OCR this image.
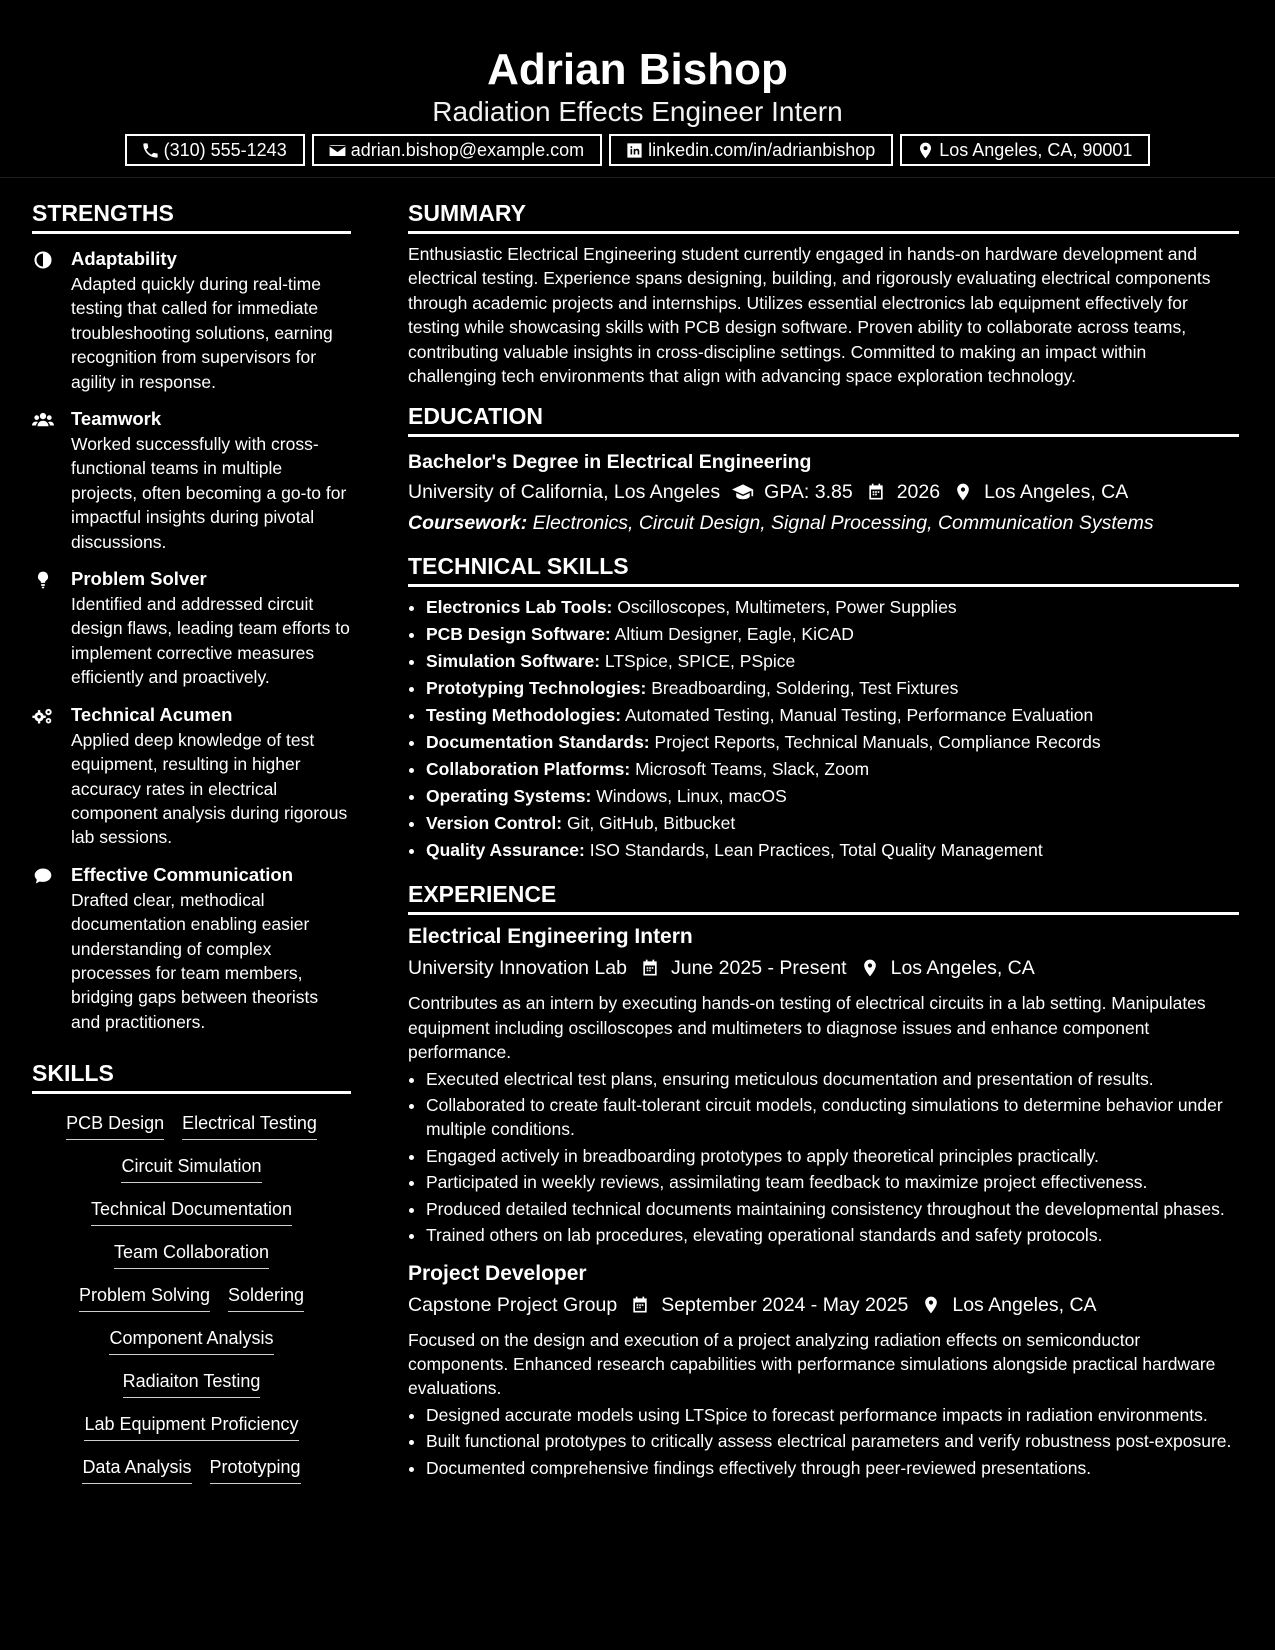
Adrian Bishop
Radiation Effects Engineer Intern
(310) 555-1243	adrian.bishop@example.com	linkedin.com/in/adrianbishop	Los Angeles, CA, 90001
STRENGTHS
Adaptability
Adapted quickly during real-time testing that called for immediate troubleshooting solutions, earning recognition from supervisors for agility in response.
Teamwork
Worked successfully with cross-functional teams in multiple projects, often becoming a go-to for impactful insights during pivotal discussions.
Problem Solver
Identified and addressed circuit design flaws, leading team efforts to implement corrective measures efficiently and proactively.
Technical Acumen
Applied deep knowledge of test equipment, resulting in higher accuracy rates in electrical component analysis during rigorous lab sessions.
Effective Communication
Drafted clear, methodical documentation enabling easier understanding of complex processes for team members, bridging gaps between theorists and practitioners.
SKILLS
PCB Design Electrical Testing
Circuit Simulation
Technical Documentation
Team Collaboration
Problem Solving Soldering
Component Analysis
Radiaiton Testing
Lab Equipment Proficiency
Data Analysis Prototyping
SUMMARY
Enthusiastic Electrical Engineering student currently engaged in hands-on hardware development and electrical testing. Experience spans designing, building, and rigorously evaluating electrical components through academic projects and internships. Utilizes essential electronics lab equipment effectively for testing while showcasing skills with PCB design software. Proven ability to collaborate across teams, contributing valuable insights in cross-discipline settings. Committed to making an impact within challenging tech environments that align with advancing space exploration technology.
EDUCATION
Bachelor's Degree in Electrical Engineering
University of California, Los Angeles GPA: 3.85 2026 Los Angeles, CA
Coursework: Electronics, Circuit Design, Signal Processing, Communication Systems
TECHNICAL SKILLS
• Electronics Lab Tools: Oscilloscopes, Multimeters, Power Supplies
• PCB Design Software: Altium Designer, Eagle, KiCAD
• Simulation Software: LTSpice, SPICE, PSpice
• Prototyping Technologies: Breadboarding, Soldering, Test Fixtures
• Testing Methodologies: Automated Testing, Manual Testing, Performance Evaluation
• Documentation Standards: Project Reports, Technical Manuals, Compliance Records
• Collaboration Platforms: Microsoft Teams, Slack, Zoom
• Operating Systems: Windows, Linux, macOS
• Version Control: Git, GitHub, Bitbucket
• Quality Assurance: ISO Standards, Lean Practices, Total Quality Management
EXPERIENCE
Electrical Engineering Intern
University Innovation Lab June 2025 - Present Los Angeles, CA
Contributes as an intern by executing hands-on testing of electrical circuits in a lab setting. Manipulates equipment including oscilloscopes and multimeters to diagnose issues and enhance component performance.
• Executed electrical test plans, ensuring meticulous documentation and presentation of results.
• Collaborated to create fault-tolerant circuit models, conducting simulations to determine behavior under multiple conditions.
• Engaged actively in breadboarding prototypes to apply theoretical principles practically.
• Participated in weekly reviews, assimilating team feedback to maximize project effectiveness.
• Produced detailed technical documents maintaining consistency throughout the developmental phases.
• Trained others on lab procedures, elevating operational standards and safety protocols.
Project Developer
Capstone Project Group September 2024 - May 2025 Los Angeles, CA
Focused on the design and execution of a project analyzing radiation effects on semiconductor components. Enhanced research capabilities with performance simulations alongside practical hardware evaluations.
• Designed accurate models using LTSpice to forecast performance impacts in radiation environments.
• Built functional prototypes to critically assess electrical parameters and verify robustness post-exposure.
• Documented comprehensive findings effectively through peer-reviewed presentations.
